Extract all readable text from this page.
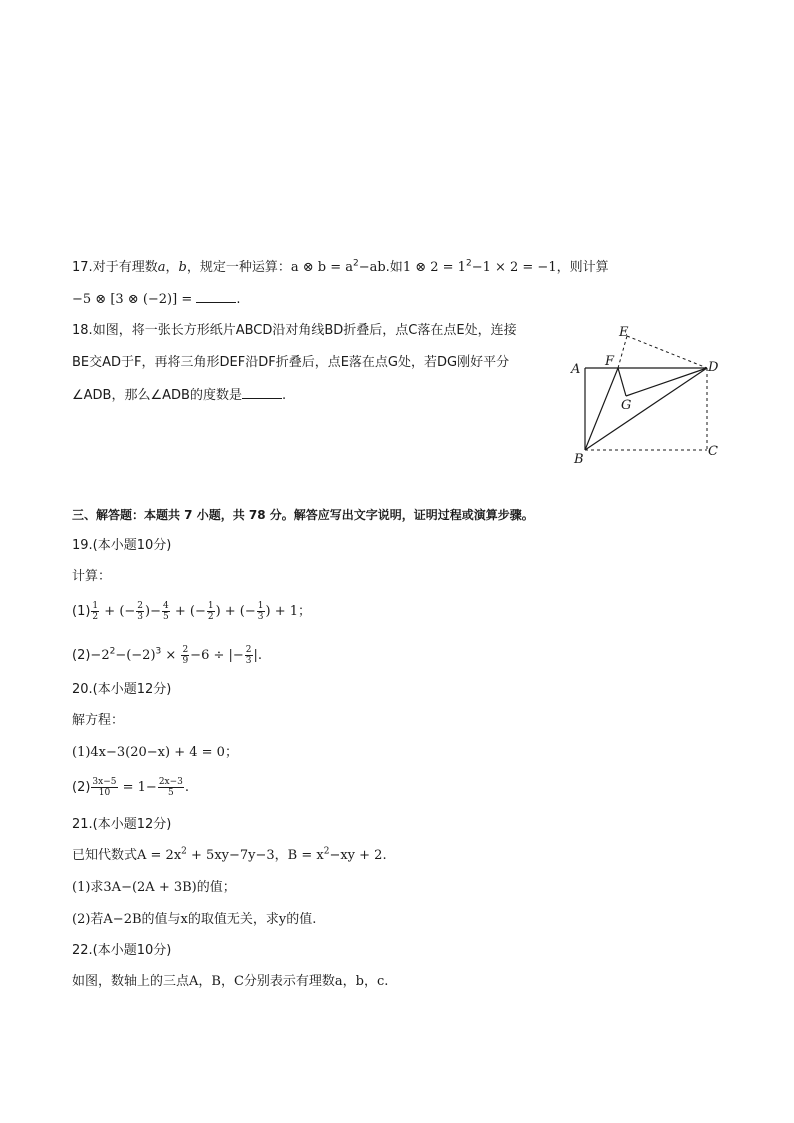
17.对于有理数a，b，规定一种运算：a ⊗ $b = a^2-ab$.如1 ⊗ $2 = 1^2-1 \times 2 = -1$，则计算
−5 ⊗ [3 ⊗ (−2)] =	.
18.如图，将一张长方形纸片ABCD沿对角线BD折叠后，点C落在点E处，连接
BE交AD于F，再将三角形DEF沿DF折叠后，点E落在点G处，若DG刚好平分
∠ADB，那么∠ADB的度数是	.
E
F
A	D
G
B
C
三、解答题：本题共 7 小题，共 78 分。解答应写出文字说明，证明过程或演算步骤。
19.(本小题10分)
计算：
$(1) \frac{1}{2}$ + (− $\frac{2}{3}$ )− $\frac{4}{5}$ + (− $\frac{1}{2}$ ) + (− $\frac{1}{3}$ ) + 1；
$(2)-2^2-(-2)^3 \times \frac{2}{9} -6$ ÷ |− $\frac{2}{3}$ |.
20.(本小题12分)
解方程：
(1)4x−3(20−x) + 4 = 0；
$(2) \frac{3x-5}{10} = 1- \frac{2x-3}{5}$ .
21.(本小题12分)
已知代数式$A = 2x^2 + 5xy-7y-3$，$B = x^2-xy + 2$.
(1)求3A−(2A + 3B)的值；
(2)若A−2B的值与x的取值无关，求y的值.
22.(本小题10分)
如图，数轴上的三点A，B，C分别表示有理数a，b，c.
